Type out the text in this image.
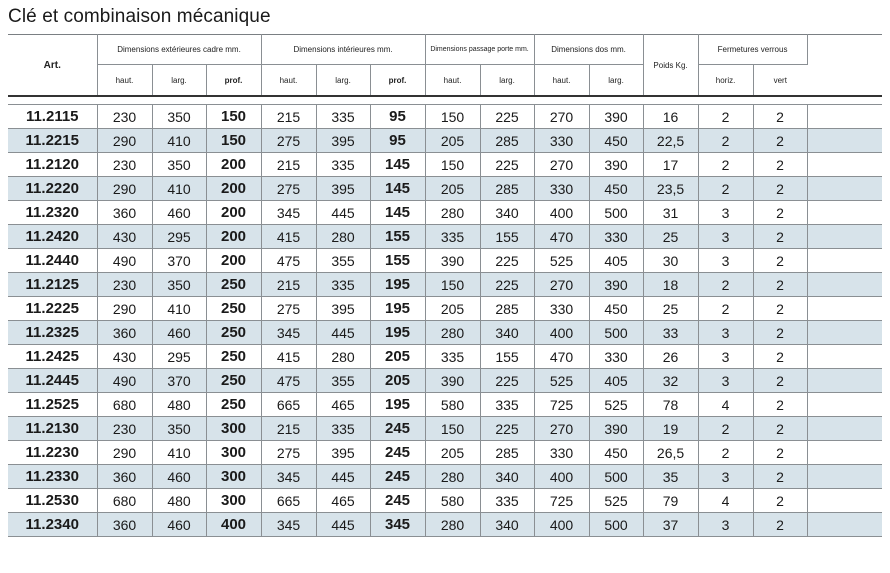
Clé et combinaison mécanique
Art.	Dimensions extérieures cadre mm.			Dimensions intérieures mm.			Dimensions passage porte mm.		Dimensions dos mm.		Poids Kg.	Fermetures verrous		
	haut.	larg.	prof.	haut.	larg.	prof.	haut.	larg.	haut.	larg.		horiz.	vert	

11.2115	230	350	150	215	335	95	150	225	270	390	16	2	2	
11.2215	290	410	150	275	395	95	205	285	330	450	22,5	2	2	
11.2120	230	350	200	215	335	145	150	225	270	390	17	2	2	
11.2220	290	410	200	275	395	145	205	285	330	450	23,5	2	2	
11.2320	360	460	200	345	445	145	280	340	400	500	31	3	2	
11.2420	430	295	200	415	280	155	335	155	470	330	25	3	2	
11.2440	490	370	200	475	355	155	390	225	525	405	30	3	2	
11.2125	230	350	250	215	335	195	150	225	270	390	18	2	2	
11.2225	290	410	250	275	395	195	205	285	330	450	25	2	2	
11.2325	360	460	250	345	445	195	280	340	400	500	33	3	2	
11.2425	430	295	250	415	280	205	335	155	470	330	26	3	2	
11.2445	490	370	250	475	355	205	390	225	525	405	32	3	2	
11.2525	680	480	250	665	465	195	580	335	725	525	78	4	2	
11.2130	230	350	300	215	335	245	150	225	270	390	19	2	2	
11.2230	290	410	300	275	395	245	205	285	330	450	26,5	2	2	
11.2330	360	460	300	345	445	245	280	340	400	500	35	3	2	
11.2530	680	480	300	665	465	245	580	335	725	525	79	4	2	
11.2340	360	460	400	345	445	345	280	340	400	500	37	3	2	
